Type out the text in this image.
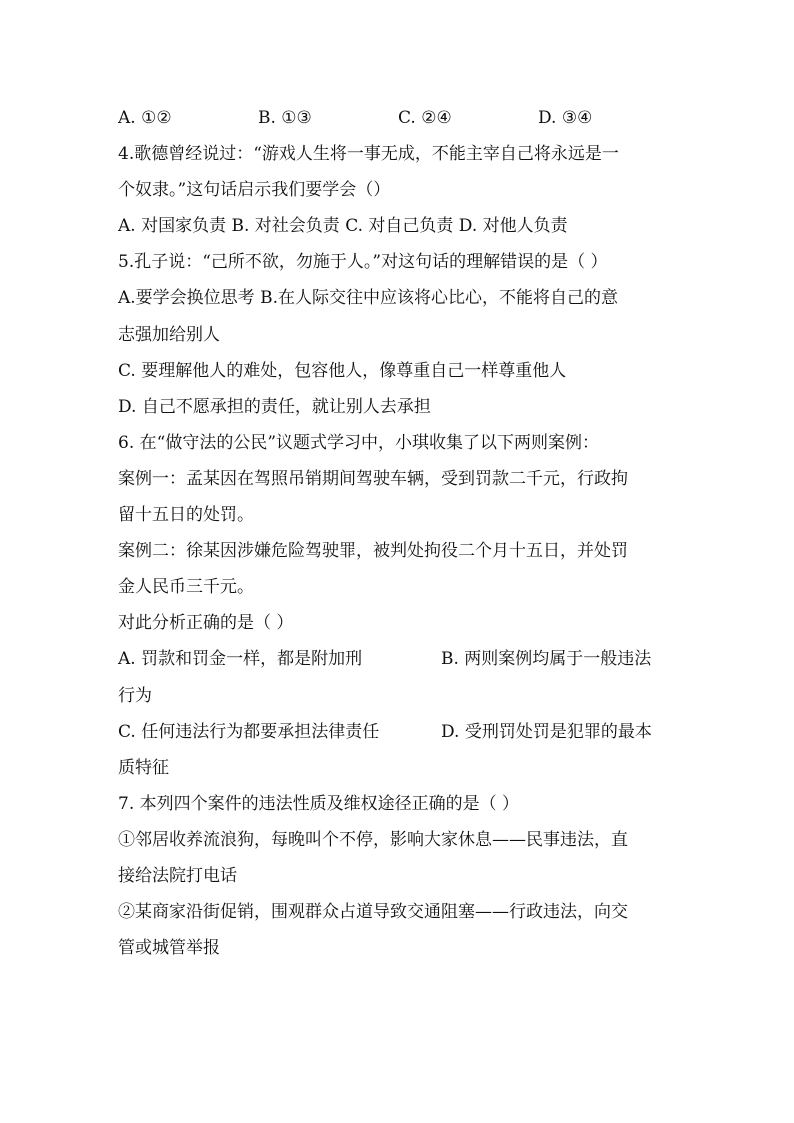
A. ①②	B. ①③	C. ②④	D. ③④
4.歌德曾经说过：“游戏人生将一事无成，不能主宰自己将永远是一
个奴隶。”这句话启示我们要学会（）
A. 对国家负责 B. 对社会负责 C. 对自己负责 D. 对他人负责
5.孔子说：“己所不欲，勿施于人。”对这句话的理解错误的是（ ）
A.要学会换位思考 B.在人际交往中应该将心比心，不能将自己的意
志强加给别人
C. 要理解他人的难处，包容他人，像尊重自己一样尊重他人
D. 自己不愿承担的责任，就让别人去承担
6. 在“做守法的公民”议题式学习中，小琪收集了以下两则案例：
案例一：孟某因在驾照吊销期间驾驶车辆，受到罚款二千元，行政拘
留十五日的处罚。
案例二：徐某因涉嫌危险驾驶罪，被判处拘役二个月十五日，并处罚
金人民币三千元。
对此分析正确的是（ ）
A. 罚款和罚金一样，都是附加刑	B. 两则案例均属于一般违法
行为
C. 任何违法行为都要承担法律责任	D. 受刑罚处罚是犯罪的最本
质特征
7. 本列四个案件的违法性质及维权途径正确的是（ ）
①邻居收养流浪狗，每晚叫个不停，影响大家休息——民事违法，直
接给法院打电话
②某商家沿街促销，围观群众占道导致交通阻塞——行政违法，向交
管或城管举报
